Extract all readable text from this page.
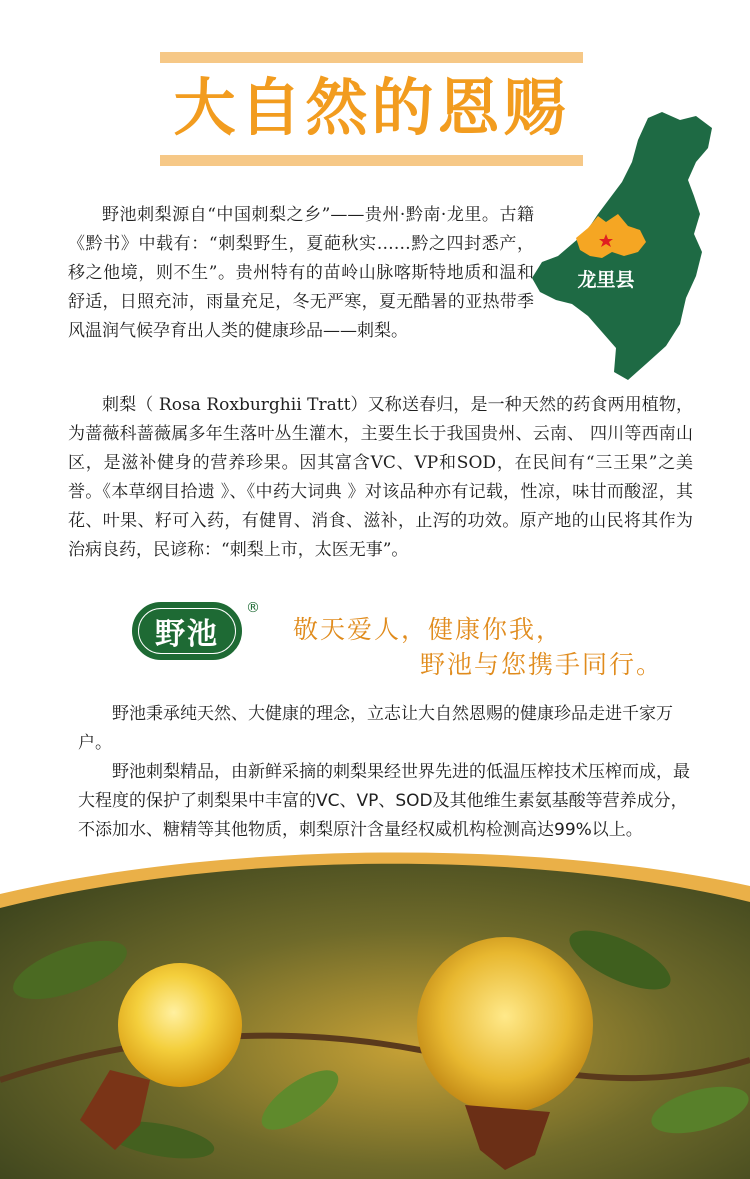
大自然的恩赐
龙里县

野池刺梨源自“中国刺梨之乡”——贵州·黔南·龙里。古籍《黔书》中载有：“刺梨野生，夏葩秋实……黔之四封悉产，移之他境，则不生”。贵州特有的苗岭山脉喀斯特地质和温和舒适，日照充沛，雨量充足，冬无严寒，夏无酷暑的亚热带季风温润气候孕育出人类的健康珍品——刺梨。

刺梨（ Rosa Roxburghii Tratt）又称送春归，是一种天然的药食两用植物，为蔷薇科蔷薇属多年生落叶丛生灌木，主要生长于我国贵州、云南、 四川等西南山区，是滋补健身的营养珍果。因其富含VC、VP和SOD，在民间有“三王果”之美誉。《本草纲目拾遗 》、《中药大词典 》对该品种亦有记载，性凉，味甘而酸涩，其花、叶果、籽可入药，有健胃、消食、滋补，止泻的功效。原产地的山民将其作为治病良药，民谚称：“刺梨上市，太医无事”。

野池
®
敬天爱人，健康你我，
野池与您携手同行。

野池秉承纯天然、大健康的理念，立志让大自然恩赐的健康珍品走进千家万户。

野池刺梨精品，由新鲜采摘的刺梨果经世界先进的低温压榨技术压榨而成，最大程度的保护了刺梨果中丰富的VC、VP、SOD及其他维生素氨基酸等营养成分，不添加水、糖精等其他物质，刺梨原汁含量经权威机构检测高达99%以上。
